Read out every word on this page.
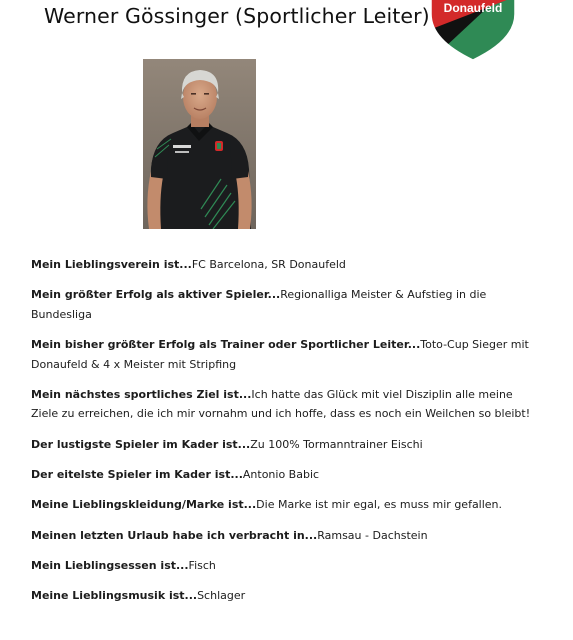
Werner Gössinger (Sportlicher Leiter) Donaufeld
Mein Lieblingsverein ist...FC Barcelona, SR Donaufeld
Mein größter Erfolg als aktiver Spieler...Regionalliga Meister & Aufstieg in die Bundesliga
Mein bisher größter Erfolg als Trainer oder Sportlicher Leiter...Toto-Cup Sieger mit Donaufeld & 4 x Meister mit Stripfing
Mein nächstes sportliches Ziel ist...Ich hatte das Glück mit viel Disziplin alle meine Ziele zu erreichen, die ich mir vornahm und ich hoffe, dass es noch ein Weilchen so bleibt!
Der lustigste Spieler im Kader ist...Zu 100% Tormanntrainer Eischi
Der eitelste Spieler im Kader ist...Antonio Babic
Meine Lieblingskleidung/Marke ist...Die Marke ist mir egal, es muss mir gefallen.
Meinen letzten Urlaub habe ich verbracht in...Ramsau - Dachstein
Mein Lieblingsessen ist...Fisch
Meine Lieblingsmusik ist...Schlager
